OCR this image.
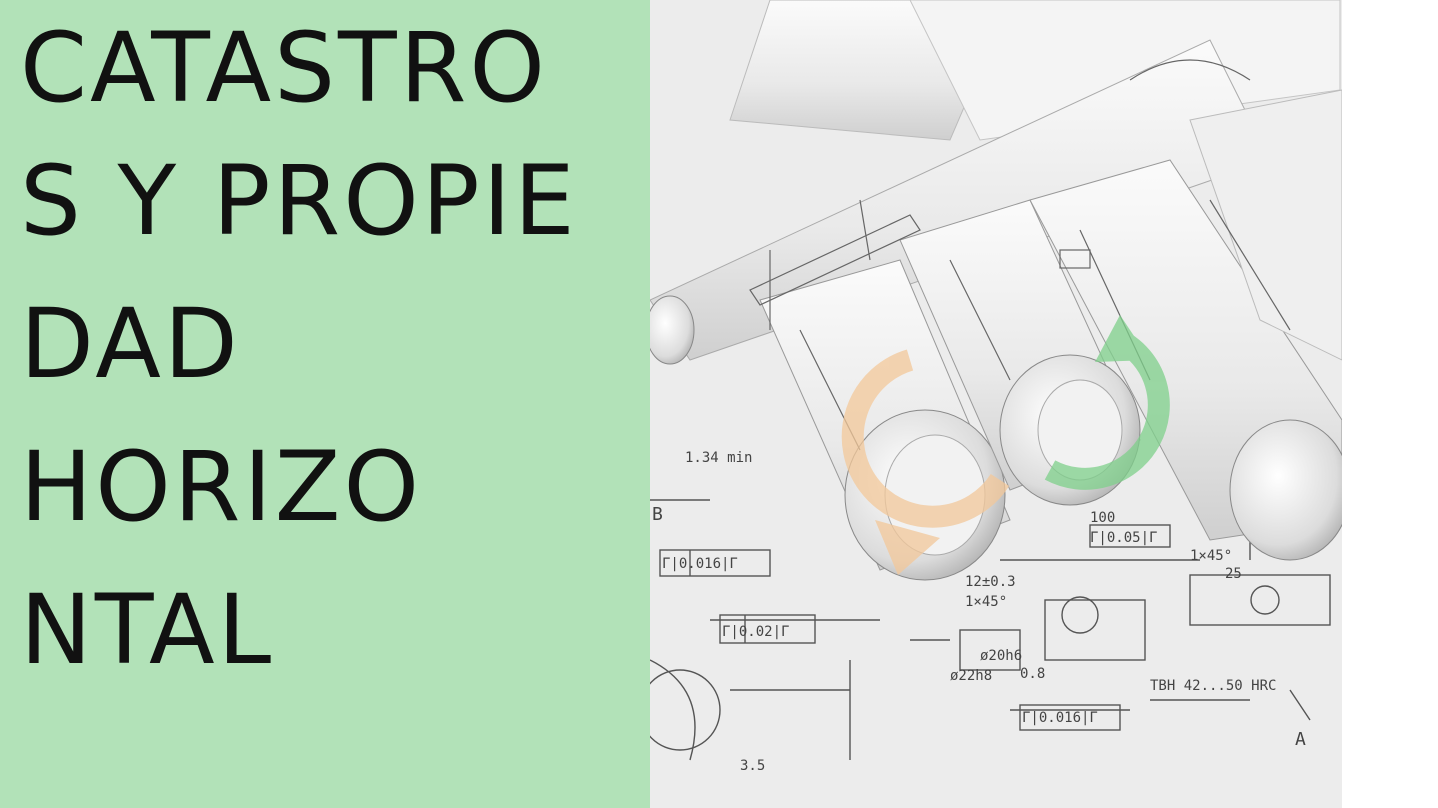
CATASTRO
S Y PROPIE
DAD
HORIZO
NTAL
1.34 min
Γ|0.016|Γ
Γ|0.02|Γ
12±0.3
1×45°
ø20h6
ø22h8
TBH 42...50 HRC
25
1×45°
100
Γ|0.05|Γ
0.8
Γ|0.016|Γ
3.5
B
A
